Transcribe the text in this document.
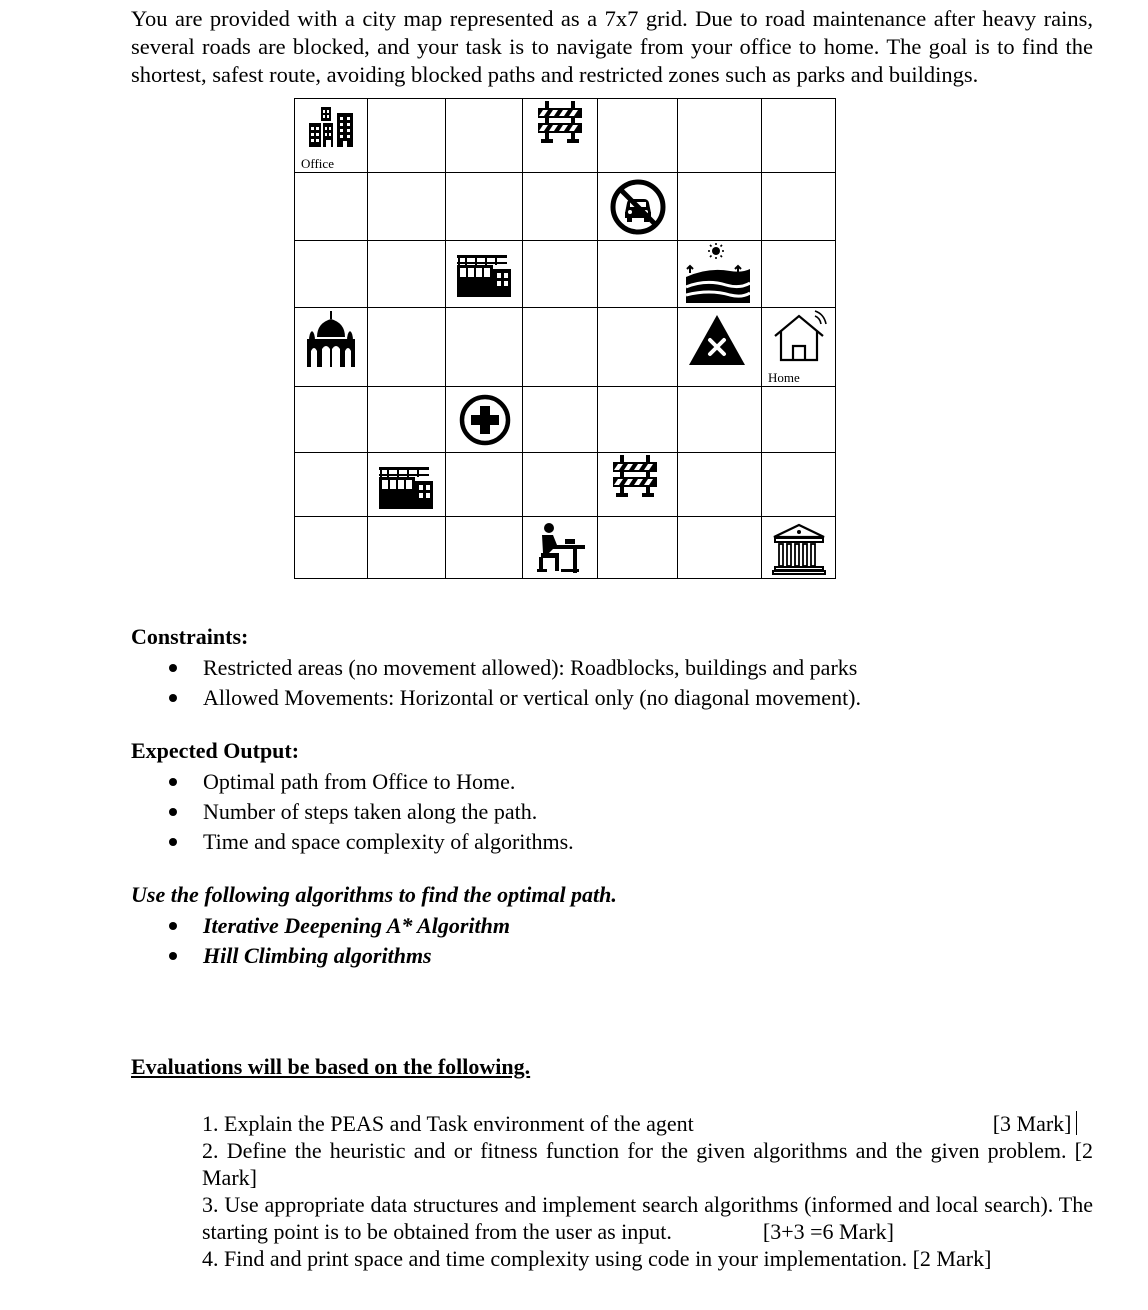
You are provided with a city map represented as a 7x7 grid. Due to road maintenance after heavy rains, several roads are blocked, and your task is to navigate from your office to home. The goal is to find the shortest, safest route, avoiding blocked paths and restricted zones such as parks and buildings.
Office

Home

Constraints:
Restricted areas (no movement allowed): Roadblocks, buildings and parks
Allowed Movements: Horizontal or vertical only (no diagonal movement).
Expected Output:
Optimal path from Office to Home.
Number of steps taken along the path.
Time and space complexity of algorithms.
Use the following algorithms to find the optimal path.
Iterative Deepening A* Algorithm
Hill Climbing algorithms
Evaluations will be based on the following.
1. Explain the PEAS and Task environment of the agent	[3 Mark]

2. Define the heuristic and or fitness function for the given algorithms and the given problem. [2 Mark]

3. Use appropriate data structures and implement search algorithms (informed and local search). The starting point is to be obtained from the user as input.	[3+3 =6 Mark]

4. Find and print space and time complexity using code in your implementation. [2 Mark]
